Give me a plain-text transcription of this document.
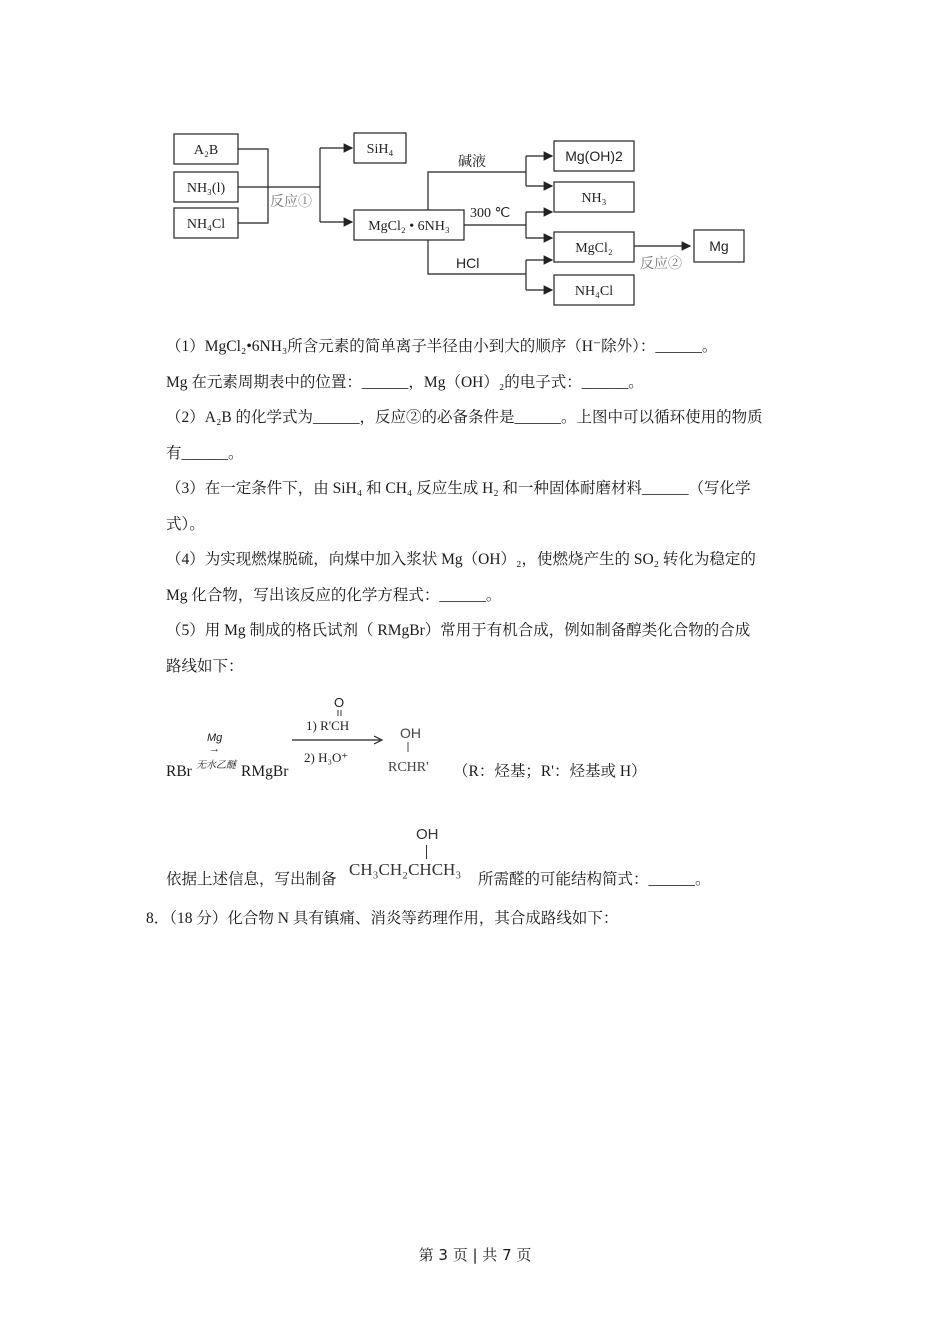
A₂B
NH₃(l)
NH₄Cl
反应①
SiH₄
MgCl₂ • 6NH₃
碱液
300 ℃
HCl
Mg(OH)2
NH₃
MgCl₂
NH₄Cl
反应②
Mg
（1）MgCl₂•6NH₃所含元素的简单离子半径由小到大的顺序（H⁻除外）：______。
Mg 在元素周期表中的位置：______，Mg（OH）₂的电子式：______。
（2）A₂B 的化学式为______，反应②的必备条件是______。上图中可以循环使用的物质
有______。
（3）在一定条件下，由 SiH₄ 和 CH₄ 反应生成 H₂ 和一种固体耐磨材料______（写化学
式）。
（4）为实现燃煤脱硫，向煤中加入浆状 Mg（OH）₂，使燃烧产生的 SO₂ 转化为稳定的
Mg 化合物，写出该反应的化学方程式：______。
（5）用 Mg 制成的格氏试剂（ RMgBr）常用于有机合成，例如制备醇类化合物的合成
路线如下：
RBr
Mg
→
无水乙醚 RMgBr
O
1) R'CH
2) H₃O⁺
OH
RCHR' （R：烃基；R'：烃基或 H）
依据上述信息，写出制备
OH
CH₃CH₂CHCH₃
所需醛的可能结构简式：______。
8．（18 分）化合物 N 具有镇痛、消炎等药理作用，其合成路线如下：
第 3 页 | 共 7 页
